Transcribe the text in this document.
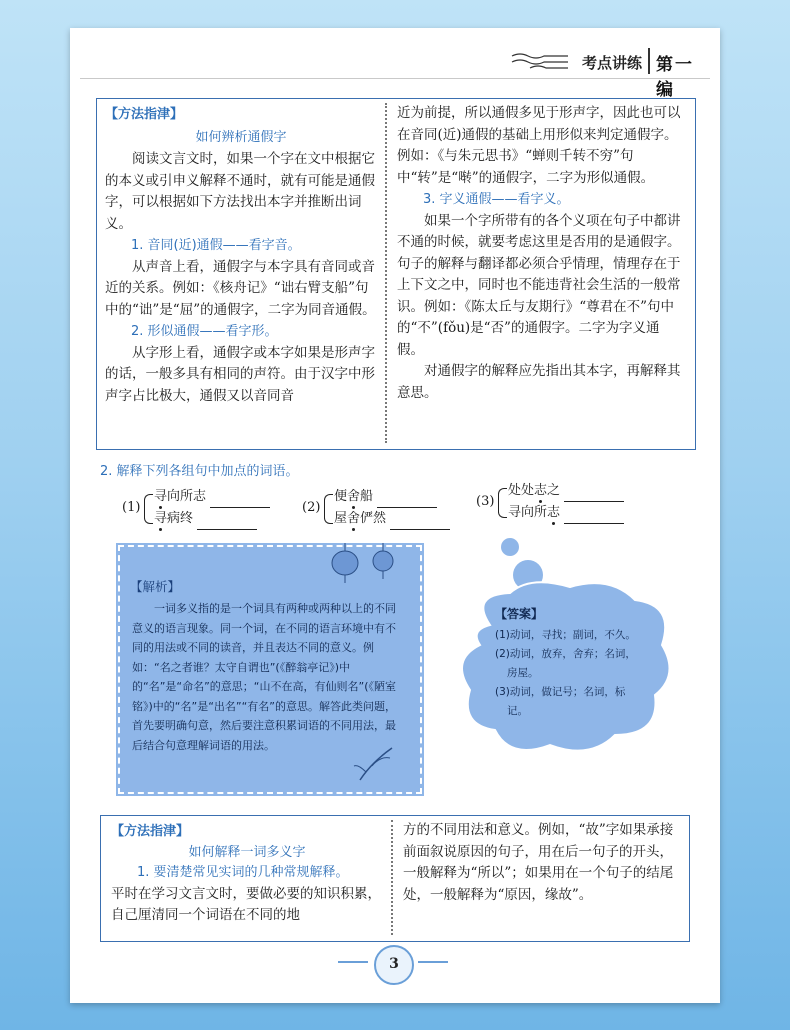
考点讲练 第一编
【方法指津】
如何辨析通假字

阅读文言文时，如果一个字在文中根据它的本义或引申义解释不通时，就有可能是通假字，可以根据如下方法找出本字并推断出词义。

1. 音同(近)通假——看字音。

从声音上看，通假字与本字具有音同或音近的关系。例如：《核舟记》“诎右臂支船”句中的“诎”是“屈”的通假字，二字为同音通假。

2. 形似通假——看字形。

从字形上看，通假字或本字如果是形声字的话，一般多具有相同的声符。由于汉字中形声字占比极大，通假又以音同音

近为前提，所以通假多见于形声字，因此也可以在音同(近)通假的基础上用形似来判定通假字。例如：《与朱元思书》“蝉则千转不穷”句中“转”是“啭”的通假字，二字为形似通假。

3. 字义通假——看字义。

如果一个字所带有的各个义项在句子中都讲不通的时候，就要考虑这里是否用的是通假字。句子的解释与翻译都必须合乎情理，情理存在于上下文之中，同时也不能违背社会生活的一般常识。例如：《陈太丘与友期行》“尊君在不”句中的“不”(fǒu)是“否”的通假字。二字为字义通假。

对通假字的解释应先指出其本字，再解释其意思。

2. 解释下列各组句中加点的词语。
(1)
寻向所志
寻病终
(2)
便舍船
屋舍俨然
(3)
处处志之
寻向所志
【解析】

一词多义指的是一个词具有两种或两种以上的不同意义的语言现象。同一个词，在不同的语言环境中有不同的用法或不同的读音，并且表达不同的意义。例如：“名之者谁？太守自谓也”(《醉翁亭记》)中的“名”是“命名”的意思；“山不在高，有仙则名”(《陋室铭》)中的“名”是“出名”“有名”的意思。解答此类问题，首先要明确句意，然后要注意积累词语的不同用法，最后结合句意理解词语的用法。

【答案】

(1)动词，寻找；副词，不久。

(2)动词，放弃，舍弃；名词，

房屋。

(3)动词，做记号；名词，标

记。

【方法指津】
如何解释一词多义字

1. 要清楚常见实词的几种常规解释。

平时在学习文言文时，要做必要的知识积累，自己厘清同一个词语在不同的地

方的不同用法和意义。例如，“故”字如果承接前面叙说原因的句子，用在后一句子的开头，一般解释为“所以”；如果用在一个句子的结尾处，一般解释为“原因，缘故”。

3
